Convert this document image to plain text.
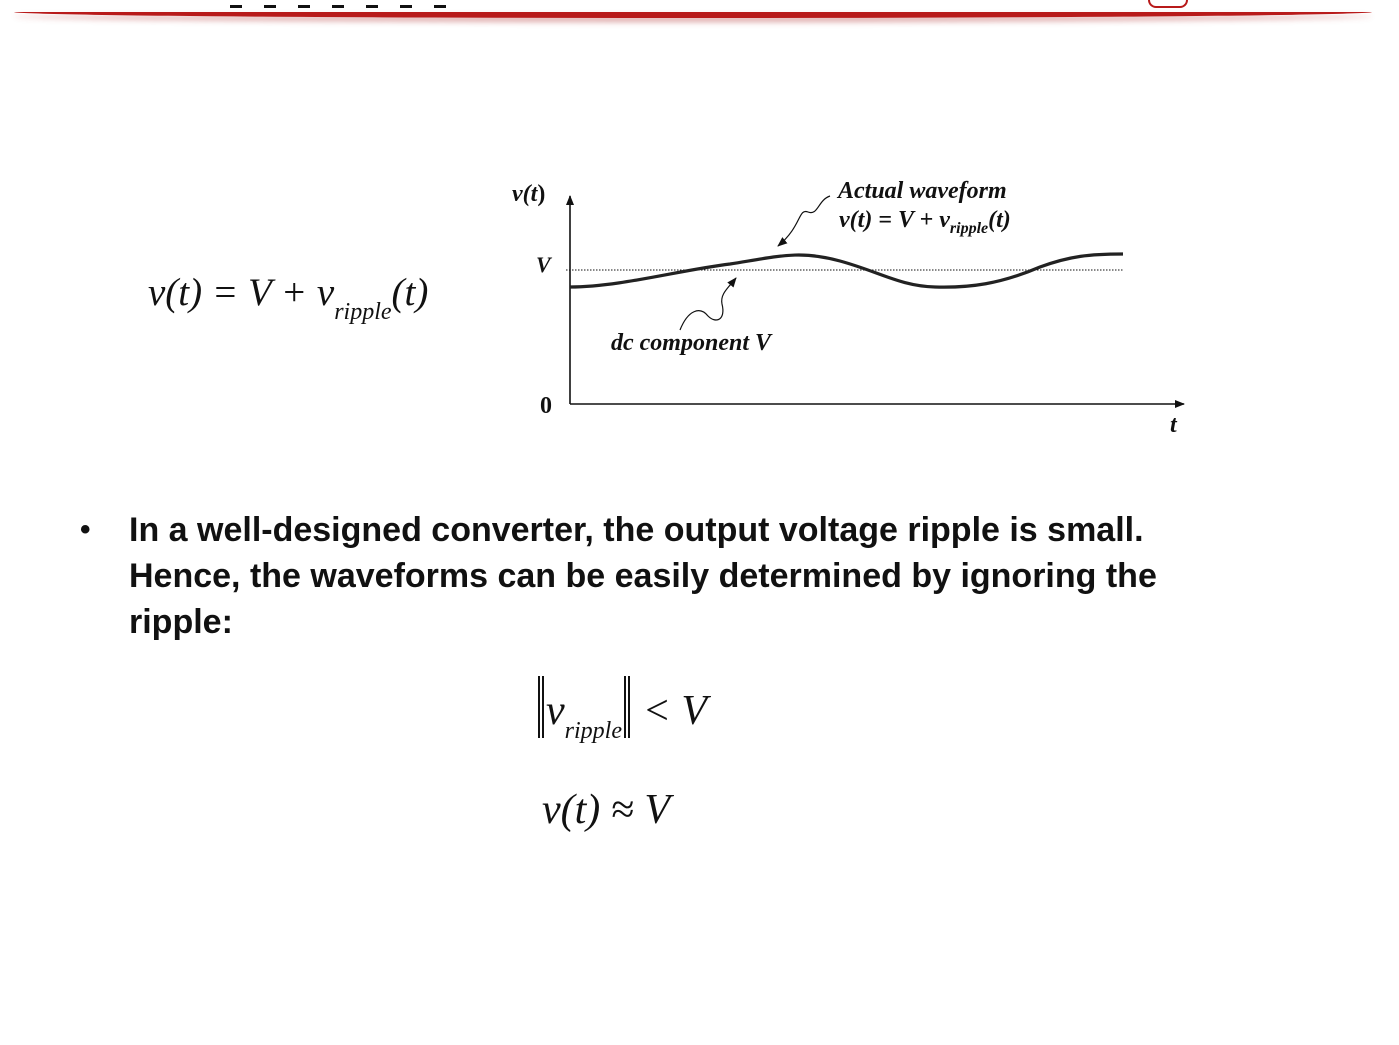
$v(t) = V + v_{ripple}(t)$
v(t)
V
0
t
Actual waveform
$v(t) = V + v_{ripple}(t)$
dc component V
• In a well-designed converter, the output voltage ripple is small. Hence, the waveforms can be easily determined by ignoring the ripple:
$v_{ripple} < V$
v(t) ≈ V
